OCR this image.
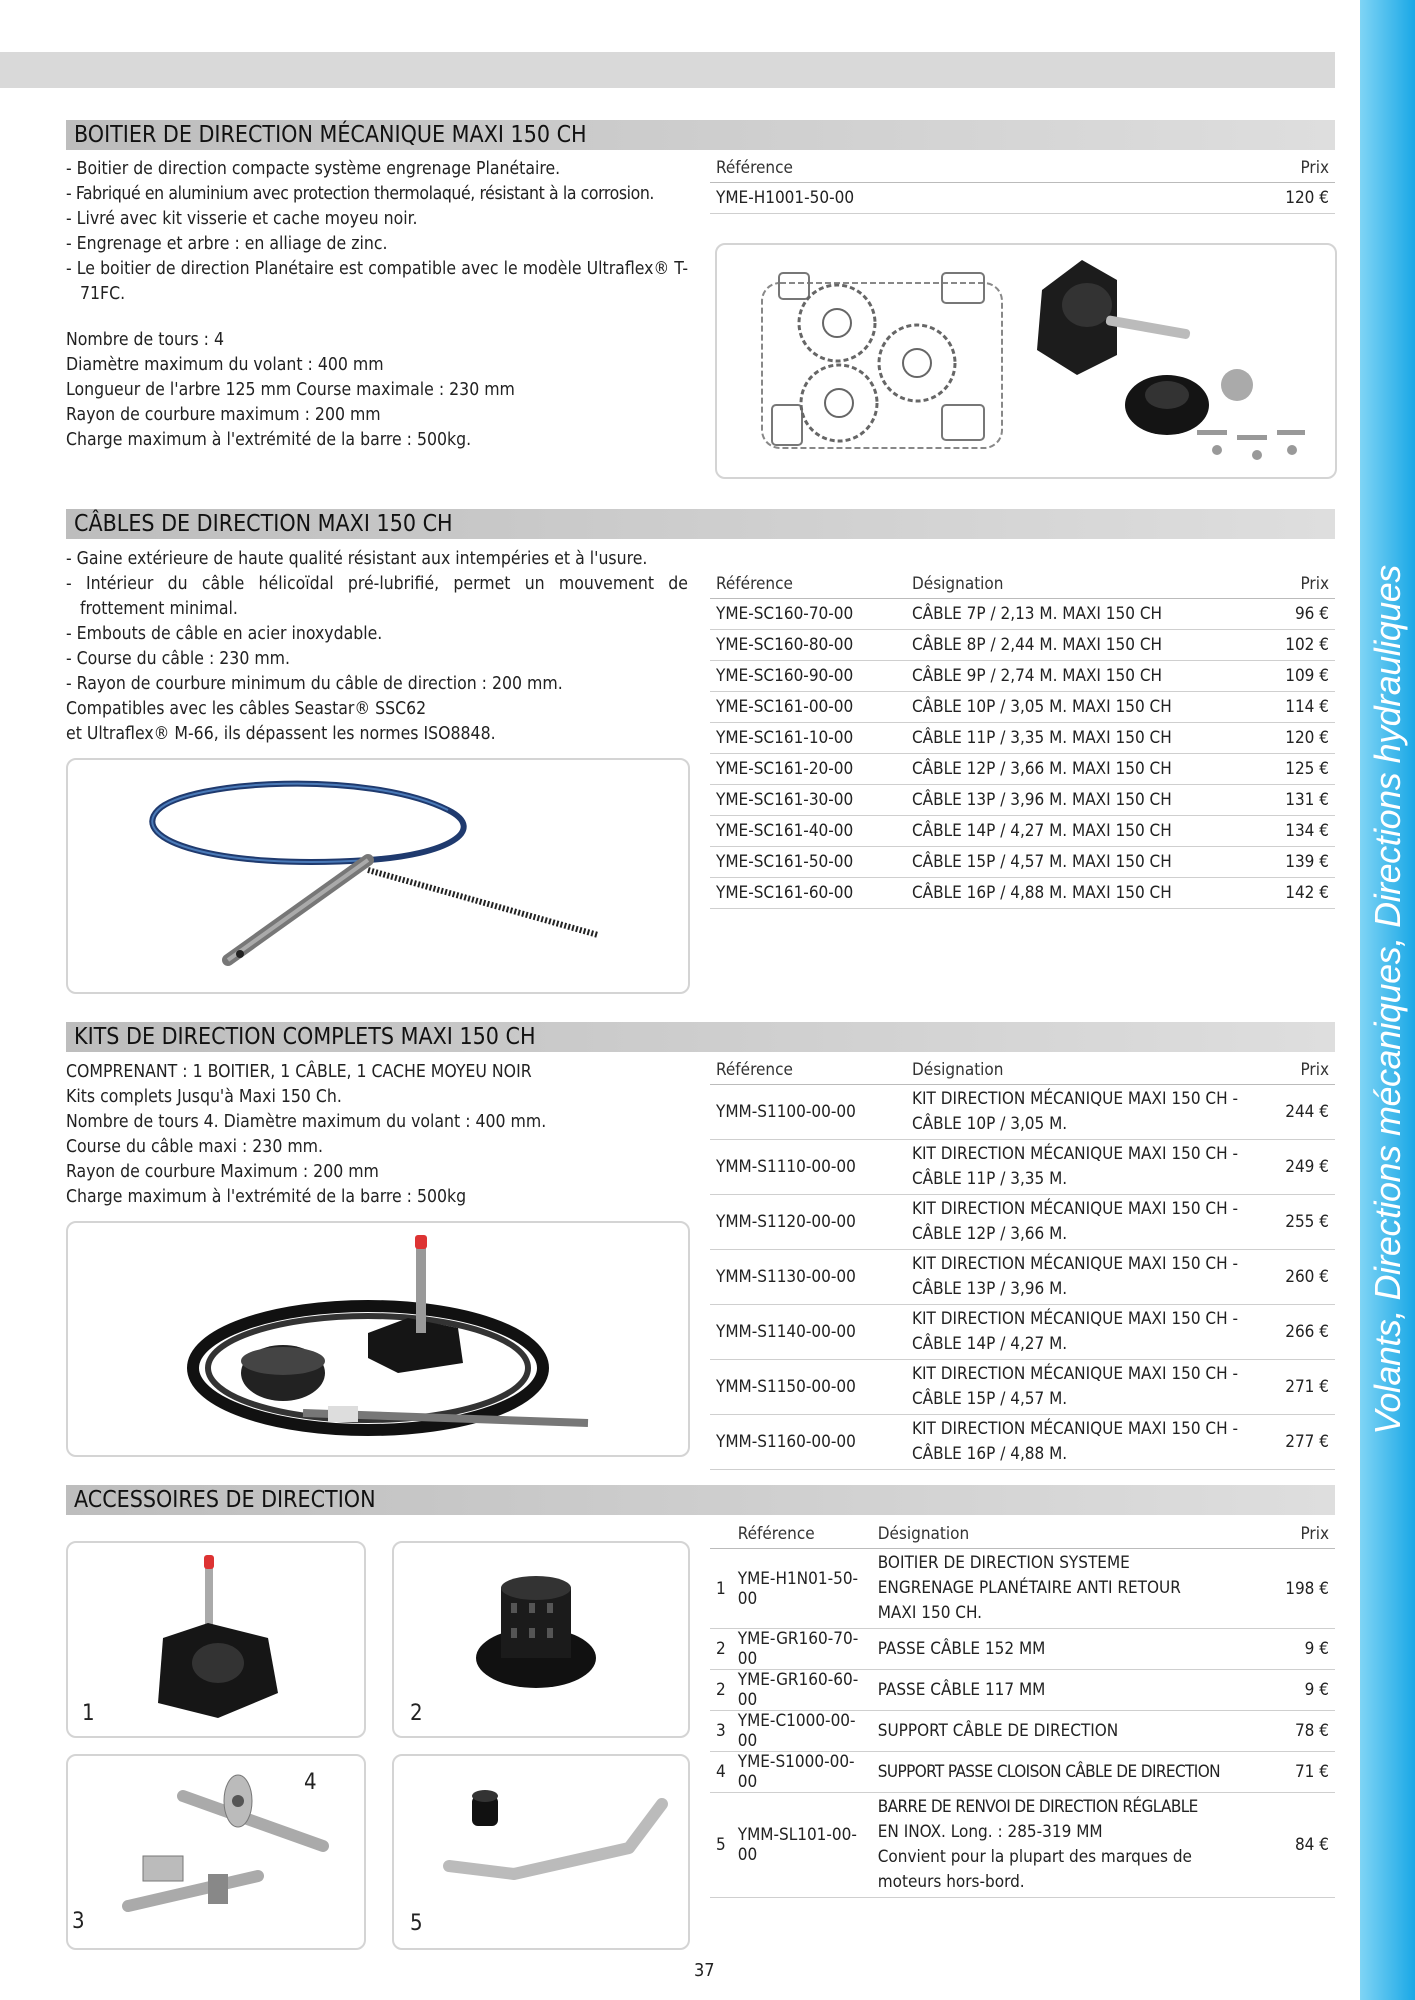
Volants, Directions mécaniques, Directions hydrauliques
BOITIER DE DIRECTION MÉCANIQUE MAXI 150 CH
- Boitier de direction compacte système engrenage Planétaire.
- Fabriqué en aluminium avec protection thermolaqué, résistant à la corrosion.
- Livré avec kit visserie et cache moyeu noir.
- Engrenage et arbre : en alliage de zinc.
- Le boitier de direction Planétaire est compatible avec le modèle Ultraflex® T-71FC.
Nombre de tours : 4
Diamètre maximum du volant : 400 mm
Longueur de l'arbre 125 mm Course maximale : 230 mm
Rayon de courbure maximum : 200 mm
Charge maximum à l'extrémité de la barre : 500kg.
Référence	Prix
YME-H1001-50-00	120 €
CÂBLES DE DIRECTION MAXI 150 CH
- Gaine extérieure de haute qualité résistant aux intempéries et à l'usure.
- Intérieur du câble hélicoïdal pré-lubrifié, permet un mouvement de frottement minimal.
- Embouts de câble en acier inoxydable.
- Course du câble : 230 mm.
- Rayon de courbure minimum du câble de direction : 200 mm.
Compatibles avec les câbles Seastar® SSC62
et Ultraflex® M-66, ils dépassent les normes ISO8848.
Référence	Désignation	Prix
YME-SC160-70-00	CÂBLE 7P / 2,13 M. MAXI 150 CH	96 €
YME-SC160-80-00	CÂBLE 8P / 2,44 M. MAXI 150 CH	102 €
YME-SC160-90-00	CÂBLE 9P / 2,74 M. MAXI 150 CH	109 €
YME-SC161-00-00	CÂBLE 10P / 3,05 M. MAXI 150 CH	114 €
YME-SC161-10-00	CÂBLE 11P / 3,35 M. MAXI 150 CH	120 €
YME-SC161-20-00	CÂBLE 12P / 3,66 M. MAXI 150 CH	125 €
YME-SC161-30-00	CÂBLE 13P / 3,96 M. MAXI 150 CH	131 €
YME-SC161-40-00	CÂBLE 14P / 4,27 M. MAXI 150 CH	134 €
YME-SC161-50-00	CÂBLE 15P / 4,57 M. MAXI 150 CH	139 €
YME-SC161-60-00	CÂBLE 16P / 4,88 M. MAXI 150 CH	142 €
KITS DE DIRECTION COMPLETS MAXI 150 CH
COMPRENANT : 1 BOITIER, 1 CÂBLE, 1 CACHE MOYEU NOIR
Kits complets Jusqu'à Maxi 150 Ch.
Nombre de tours 4. Diamètre maximum du volant : 400 mm.
Course du câble maxi : 230 mm.
Rayon de courbure Maximum : 200 mm
Charge maximum à l'extrémité de la barre : 500kg
Référence	Désignation	Prix
YMM-S1100-00-00	KIT DIRECTION MÉCANIQUE MAXI 150 CH -
CÂBLE 10P / 3,05 M.	244 €
YMM-S1110-00-00	KIT DIRECTION MÉCANIQUE MAXI 150 CH -
CÂBLE 11P / 3,35 M.	249 €
YMM-S1120-00-00	KIT DIRECTION MÉCANIQUE MAXI 150 CH -
CÂBLE 12P / 3,66 M.	255 €
YMM-S1130-00-00	KIT DIRECTION MÉCANIQUE MAXI 150 CH -
CÂBLE 13P / 3,96 M.	260 €
YMM-S1140-00-00	KIT DIRECTION MÉCANIQUE MAXI 150 CH -
CÂBLE 14P / 4,27 M.	266 €
YMM-S1150-00-00	KIT DIRECTION MÉCANIQUE MAXI 150 CH -
CÂBLE 15P / 4,57 M.	271 €
YMM-S1160-00-00	KIT DIRECTION MÉCANIQUE MAXI 150 CH -
CÂBLE 16P / 4,88 M.	277 €
ACCESSOIRES DE DIRECTION
1	2
4
3	5
	Référence	Désignation	Prix
1	YME-H1N01-50-00	BOITIER DE DIRECTION SYSTEME
ENGRENAGE PLANÉTAIRE ANTI RETOUR
MAXI 150 CH.	198 €
2	YME-GR160-70-00	PASSE CÂBLE 152 MM	9 €
2	YME-GR160-60-00	PASSE CÂBLE 117 MM	9 €
3	YME-C1000-00-00	SUPPORT CÂBLE DE DIRECTION	78 €
4	YME-S1000-00-00	SUPPORT PASSE CLOISON CÂBLE DE DIRECTION	71 €
5	YMM-SL101-00-00	BARRE DE RENVOI DE DIRECTION RÉGLABLE
EN INOX. Long. : 285-319 MM
Convient pour la plupart des marques de
moteurs hors-bord.	84 €
37
